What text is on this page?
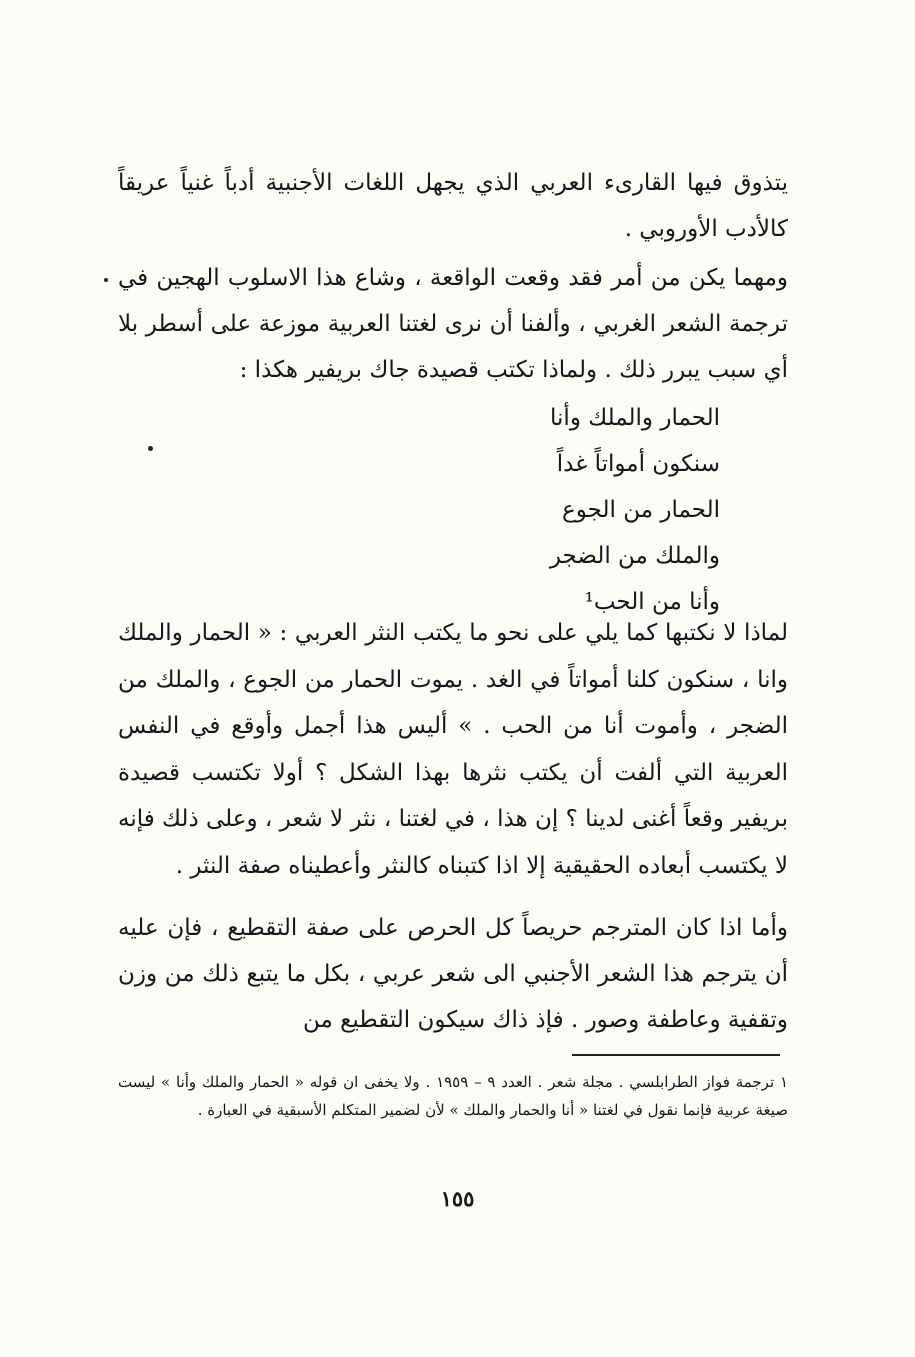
يتذوق فيها القارىء العربي الذي يجهل اللغات الأجنبية أدباً غنياً عريقاً كالأدب الأوروبي .

ومهما يكن من أمر فقد وقعت الواقعة ، وشاع هذا الاسلوب الهجين في ترجمة الشعر الغربي ، وألفنا أن نرى لغتنا العربية موزعة على أسطر بلا أي سبب يبرر ذلك . ولماذا تكتب قصيدة جاك بريفير هكذا :

الحمار والملك وأنا
سنكون أمواتاً غداً
الحمار من الجوع
والملك من الضجر
وأنا من الحب¹

لماذا لا نكتبها كما يلي على نحو ما يكتب النثر العربي : « الحمار والملك وانا ، سنكون كلنا أمواتاً في الغد . يموت الحمار من الجوع ، والملك من الضجر ، وأموت أنا من الحب . » أليس هذا أجمل وأوقع في النفس العربية التي ألفت أن يكتب نثرها بهذا الشكل ؟ أولا تكتسب قصيدة بريفير وقعاً أغنى لدينا ؟ إن هذا ، في لغتنا ، نثر لا شعر ، وعلى ذلك فإنه لا يكتسب أبعاده الحقيقية إلا اذا كتبناه كالنثر وأعطيناه صفة النثر .

وأما اذا كان المترجم حريصاً كل الحرص على صفة التقطيع ، فإن عليه أن يترجم هذا الشعر الأجنبي الى شعر عربي ، بكل ما يتبع ذلك من وزن وتقفية وعاطفة وصور . فإذ ذاك سيكون التقطيع من

١ ترجمة فواز الطرابلسي . مجلة شعر . العدد ٩ – ١٩٥٩ . ولا يخفى ان قوله « الحمار والملك وأنا » ليست صيغة عربية فإنما نقول في لغتنا « أنا والحمار والملك » لأن لضمير المتكلم الأسبقية في العبارة .

١٥٥
